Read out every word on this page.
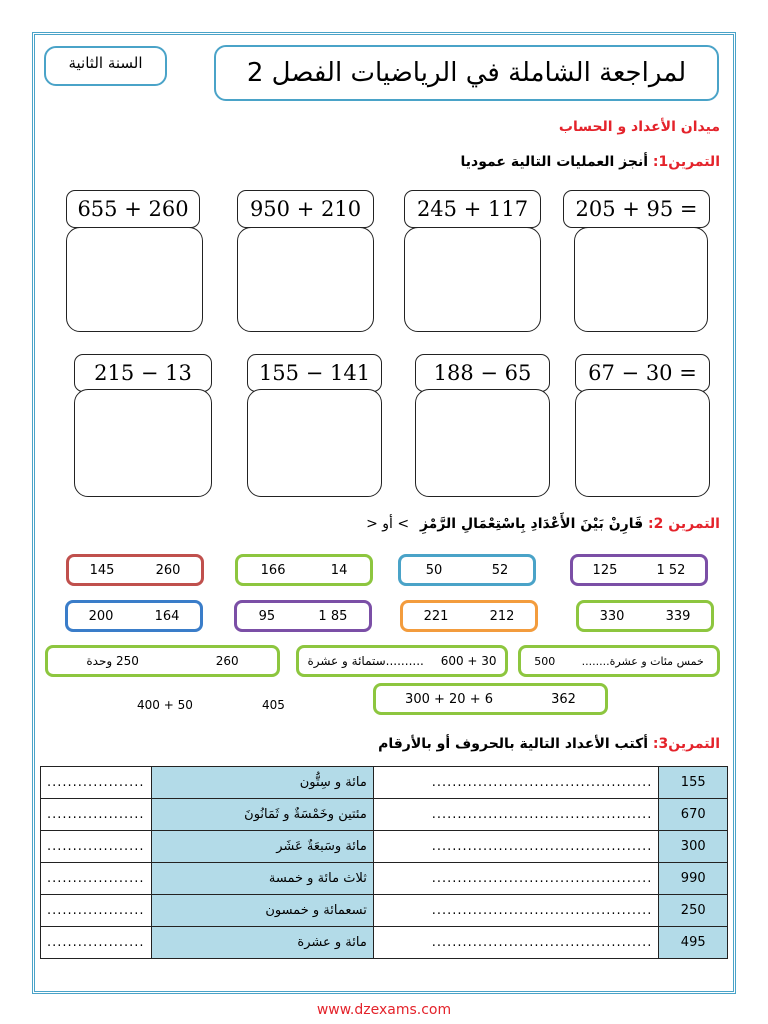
لمراجعة الشاملة في الرياضيات الفصل 2
السنة الثانية
ميدان الأعداد و الحساب
التمرين1: أنجز العمليات التالية عموديا
655 + 260	950 + 210	245 + 117	205 + 95 =
215 − 13	155 − 141	188 − 65	67 − 30 =
التمرين 2: قَارِنْ بَيْنَ الأَعْدَادِ بِاسْتِعْمَالِ الرَّمْزِ > أو <
145	260	166	14	50	52	125	1 52
200	164	95	1 85	221	212	330	339
250 وحدة	260	..........ستمائة و عشرة 600 + 30	500 خمس مئات و عشرة........
400 + 50	405	300 + 20 + 6	362
التمرين3: أكتب الأعداد التالية بالحروف أو بالأرقام
...................	مائة و سِتُّون	...........................................	155
...................	مئتين وخَمْسَةٌ و ثَمَانُونَ	...........................................	670
...................	مائة وسَبعَةٌ عَشَر	...........................................	300
...................	ثلاث مائة و خمسة	...........................................	990
...................	تسعمائة و خمسون	...........................................	250
...................	مائة و عشرة	...........................................	495
www.dzexams.com
